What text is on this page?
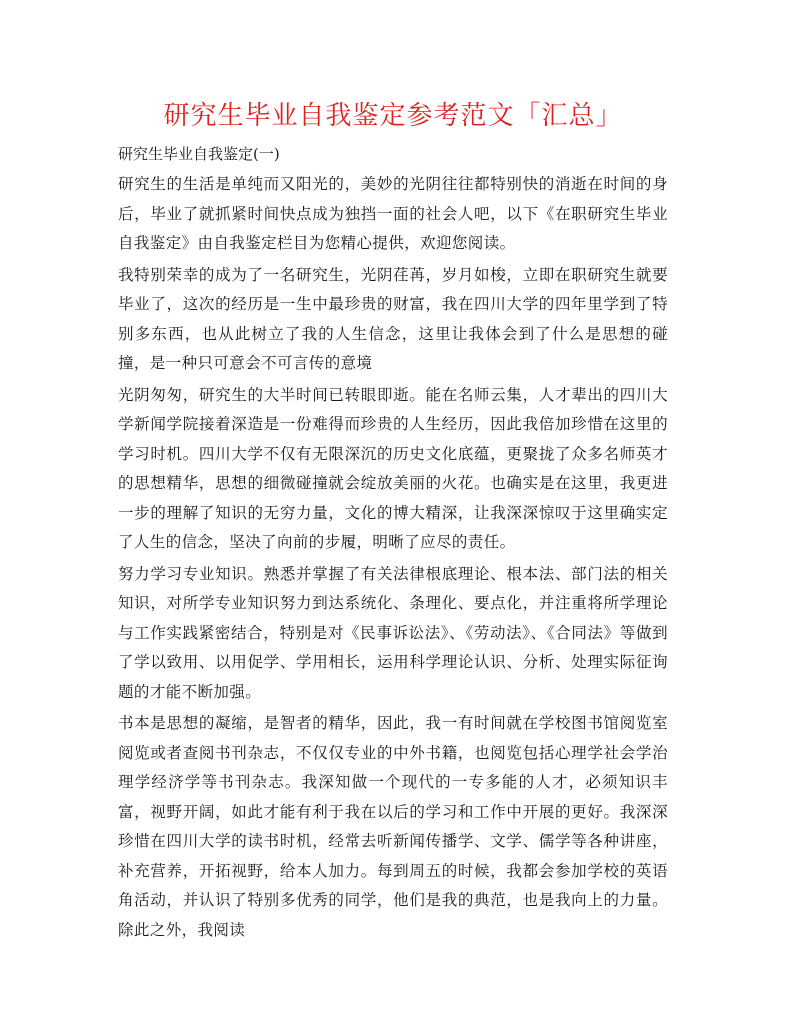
研究生毕业自我鉴定参考范文「汇总」
研究生毕业自我鉴定(一)

研究生的生活是单纯而又阳光的，美妙的光阴往往都特别快的消逝在时间的身后，毕业了就抓紧时间快点成为独挡一面的社会人吧，以下《在职研究生毕业自我鉴定》由自我鉴定栏目为您精心提供，欢迎您阅读。

我特别荣幸的成为了一名研究生，光阴荏苒，岁月如梭，立即在职研究生就要毕业了，这次的经历是一生中最珍贵的财富，我在四川大学的四年里学到了特别多东西，也从此树立了我的人生信念，这里让我体会到了什么是思想的碰撞，是一种只可意会不可言传的意境

光阴匆匆，研究生的大半时间已转眼即逝。能在名师云集，人才辈出的四川大学新闻学院接着深造是一份难得而珍贵的人生经历，因此我倍加珍惜在这里的学习时机。四川大学不仅有无限深沉的历史文化底蕴，更聚拢了众多名师英才的思想精华，思想的细微碰撞就会绽放美丽的火花。也确实是在这里，我更进一步的理解了知识的无穷力量，文化的博大精深，让我深深惊叹于这里确实定了人生的信念，坚决了向前的步履，明晰了应尽的责任。

努力学习专业知识。熟悉并掌握了有关法律根底理论、根本法、部门法的相关知识，对所学专业知识努力到达系统化、条理化、要点化，并注重将所学理论与工作实践紧密结合，特别是对《民事诉讼法》、《劳动法》、《合同法》等做到了学以致用、以用促学、学用相长，运用科学理论认识、分析、处理实际征询题的才能不断加强。

书本是思想的凝缩，是智者的精华，因此，我一有时间就在学校图书馆阅览室阅览或者查阅书刊杂志，不仅仅专业的中外书籍，也阅览包括心理学社会学治理学经济学等书刊杂志。我深知做一个现代的一专多能的人才，必须知识丰富，视野开阔，如此才能有利于我在以后的学习和工作中开展的更好。我深深珍惜在四川大学的读书时机，经常去听新闻传播学、文学、儒学等各种讲座，补充营养，开拓视野，给本人加力。每到周五的时候，我都会参加学校的英语角活动，并认识了特别多优秀的同学，他们是我的典范，也是我向上的力量。除此之外，我阅读
